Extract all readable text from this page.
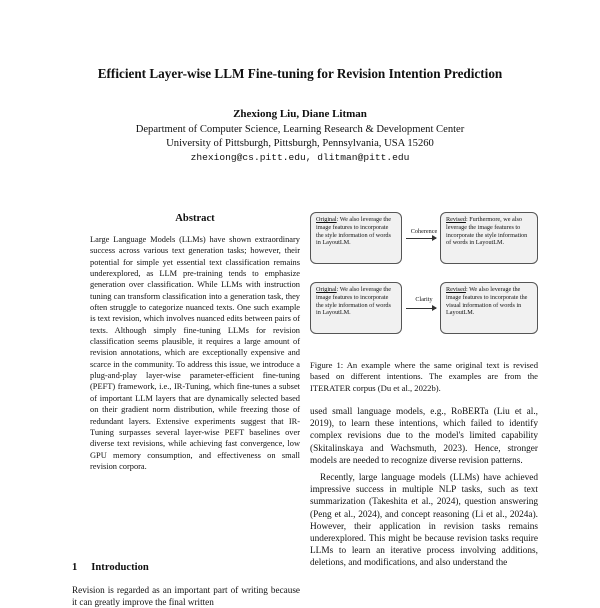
Efficient Layer-wise LLM Fine-tuning for Revision Intention Prediction
Zhexiong Liu, Diane Litman
Department of Computer Science, Learning Research & Development Center
University of Pittsburgh, Pittsburgh, Pennsylvania, USA 15260
zhexiong@cs.pitt.edu, dlitman@pitt.edu
Abstract
Large Language Models (LLMs) have shown extraordinary success across various text generation tasks; however, their potential for simple yet essential text classification remains underexplored, as LLM pre-training tends to emphasize generation over classification. While LLMs with instruction tuning can transform classification into a generation task, they often struggle to categorize nuanced texts. One such example is text revision, which involves nuanced edits between pairs of texts. Although simply fine-tuning LLMs for revision classification seems plausible, it requires a large amount of revision annotations, which are exceptionally expensive and scarce in the community. To address this issue, we introduce a plug-and-play layer-wise parameter-efficient fine-tuning (PEFT) framework, i.e., IR-Tuning, which fine-tunes a subset of important LLM layers that are dynamically selected based on their gradient norm distribution, while freezing those of redundant layers. Extensive experiments suggest that IR-Tuning surpasses several layer-wise PEFT baselines over diverse text revisions, while achieving fast convergence, low GPU memory consumption, and effectiveness on small revision corpora.
1 Introduction
Revision is regarded as an important part of writing because it can greatly improve the final written
Original: We also leverage the image features to incorporate the style information of words in LayoutLM.
Coherence
Revised: Furthermore, we also leverage the image features to incorporate the style information of words in LayoutLM.
Original: We also leverage the image features to incorporate the style information of words in LayoutLM.
Clarity
Revised: We also leverage the image features to incorporate the visual information of words in LayoutLM.
Figure 1: An example where the same original text is revised based on different intentions. The examples are from the ITERATER corpus (Du et al., 2022b).

used small language models, e.g., RoBERTa (Liu et al., 2019), to learn these intentions, which failed to identify complex revisions due to the model's limited capability (Skitalinskaya and Wachsmuth, 2023). Hence, stronger models are needed to recognize diverse revision patterns.

Recently, large language models (LLMs) have achieved impressive success in multiple NLP tasks, such as text summarization (Takeshita et al., 2024), question answering (Peng et al., 2024), and concept reasoning (Li et al., 2024a). However, their application in revision tasks remains underexplored. This might be because revision tasks require LLMs to learn an iterative process involving additions, deletions, and modifications, and also understand the
